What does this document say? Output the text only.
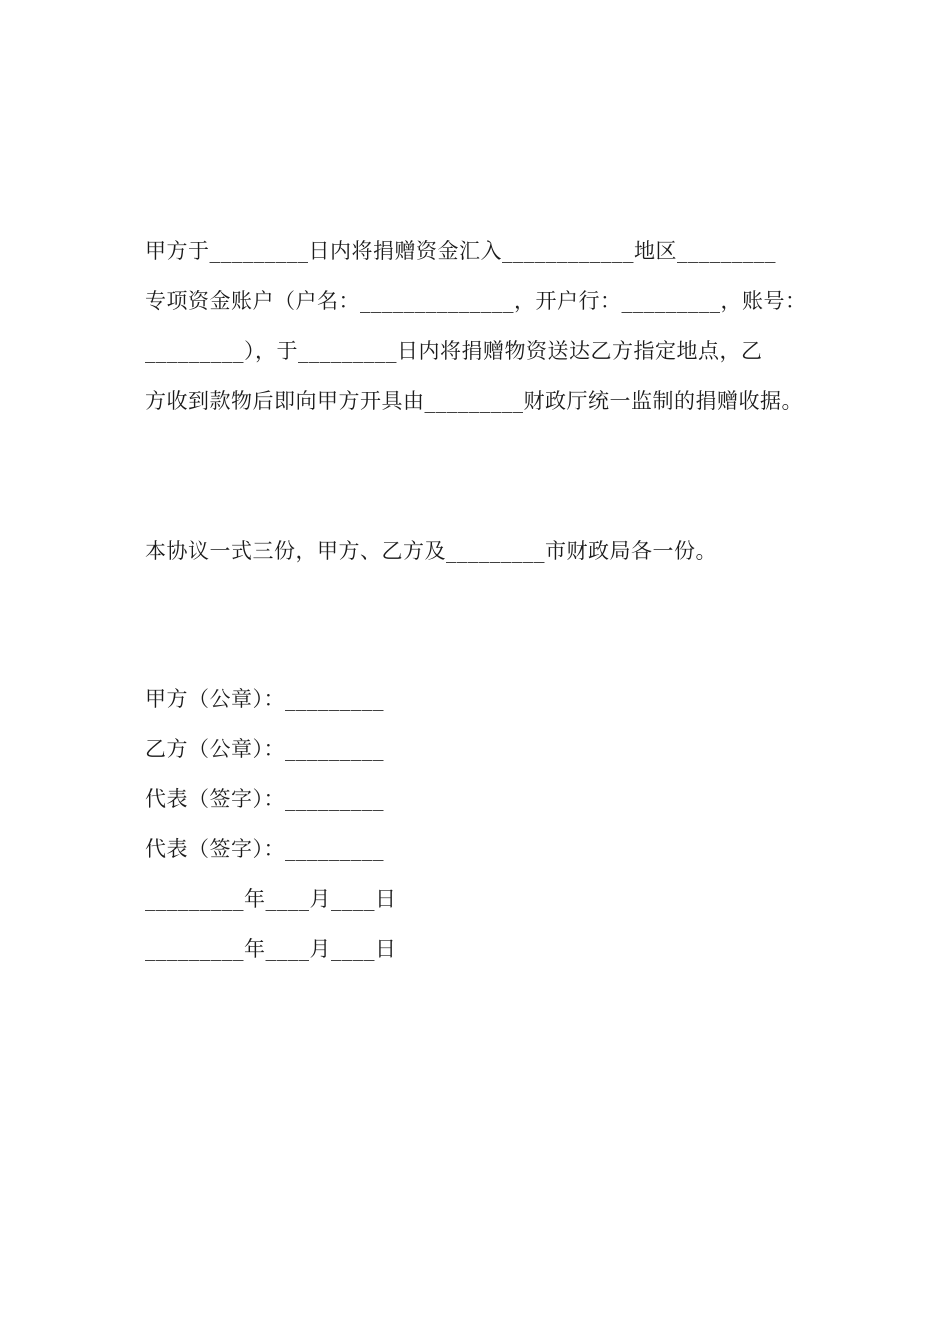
甲方于_________日内将捐赠资金汇入____________地区_________
专项资金账户（户名：______________，开户行：_________，账号：
_________），于_________日内将捐赠物资送达乙方指定地点，乙
方收到款物后即向甲方开具由_________财政厅统一监制的捐赠收据。
本协议一式三份，甲方、乙方及_________市财政局各一份。
甲方（公章）：_________
乙方（公章）：_________
代表（签字）：_________
代表（签字）：_________
_________年____月____日
_________年____月____日
